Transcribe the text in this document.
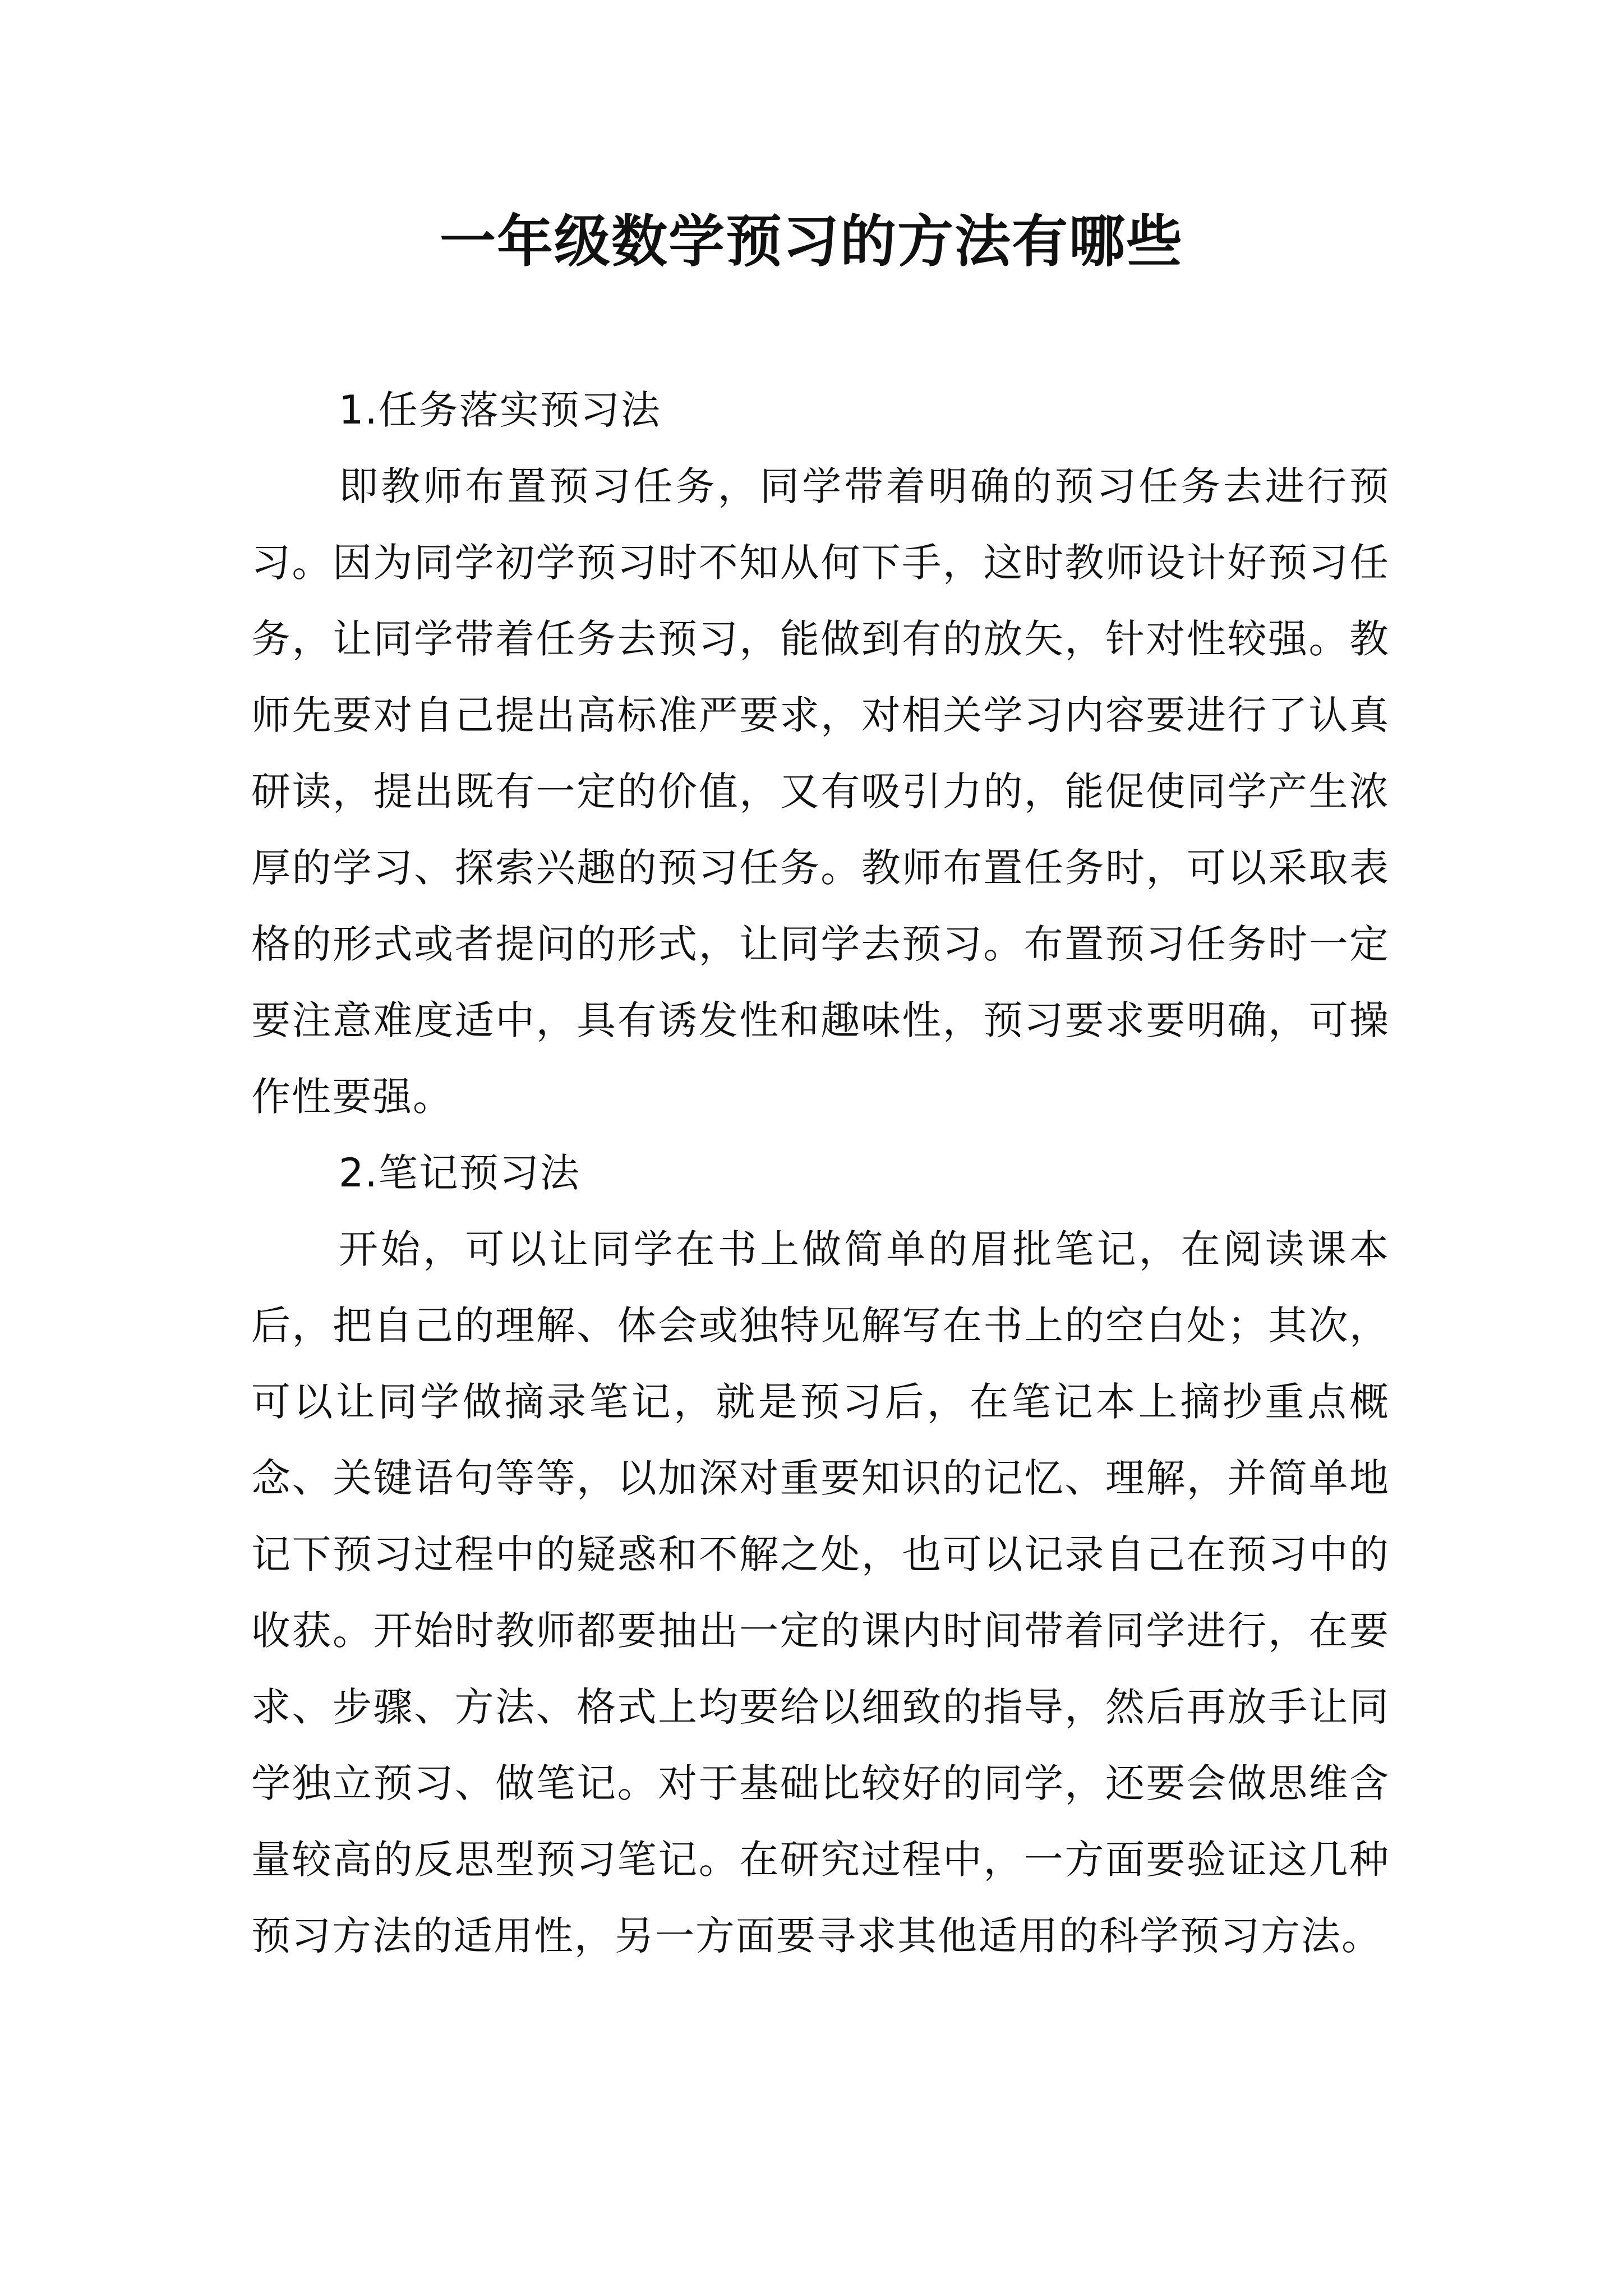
一年级数学预习的方法有哪些

1.任务落实预习法

即教师布置预习任务，同学带着明确的预习任务去进行预习。因为同学初学预习时不知从何下手，这时教师设计好预习任务，让同学带着任务去预习，能做到有的放矢，针对性较强。教师先要对自己提出高标准严要求，对相关学习内容要进行了认真研读，提出既有一定的价值，又有吸引力的，能促使同学产生浓厚的学习、探索兴趣的预习任务。教师布置任务时，可以采取表格的形式或者提问的形式，让同学去预习。布置预习任务时一定要注意难度适中，具有诱发性和趣味性，预习要求要明确，可操作性要强。

2.笔记预习法

开始，可以让同学在书上做简单的眉批笔记，在阅读课本后，把自己的理解、体会或独特见解写在书上的空白处；其次，可以让同学做摘录笔记，就是预习后，在笔记本上摘抄重点概念、关键语句等等，以加深对重要知识的记忆、理解，并简单地记下预习过程中的疑惑和不解之处，也可以记录自己在预习中的收获。开始时教师都要抽出一定的课内时间带着同学进行，在要求、步骤、方法、格式上均要给以细致的指导，然后再放手让同学独立预习、做笔记。对于基础比较好的同学，还要会做思维含量较高的反思型预习笔记。在研究过程中，一方面要验证这几种预习方法的适用性，另一方面要寻求其他适用的科学预习方法。
